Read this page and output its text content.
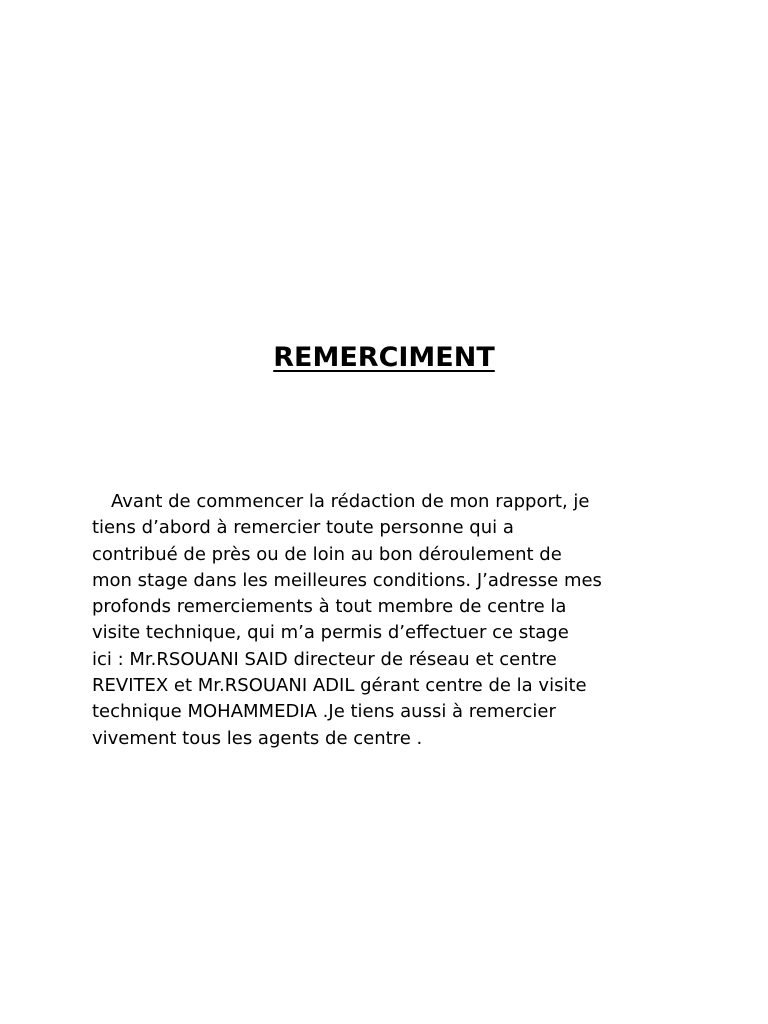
REMERCIMENT

Avant de commencer la rédaction de mon rapport, je
tiens d’abord à remercier toute personne qui a
contribué de près ou de loin au bon déroulement de
mon stage dans les meilleures conditions. J’adresse mes
profonds remerciements à tout membre de centre la
visite technique, qui m’a permis d’effectuer ce stage
ici : Mr.RSOUANI SAID directeur de réseau et centre
REVITEX et Mr.RSOUANI ADIL gérant centre de la visite
technique MOHAMMEDIA .Je tiens aussi à remercier
vivement tous les agents de centre .
